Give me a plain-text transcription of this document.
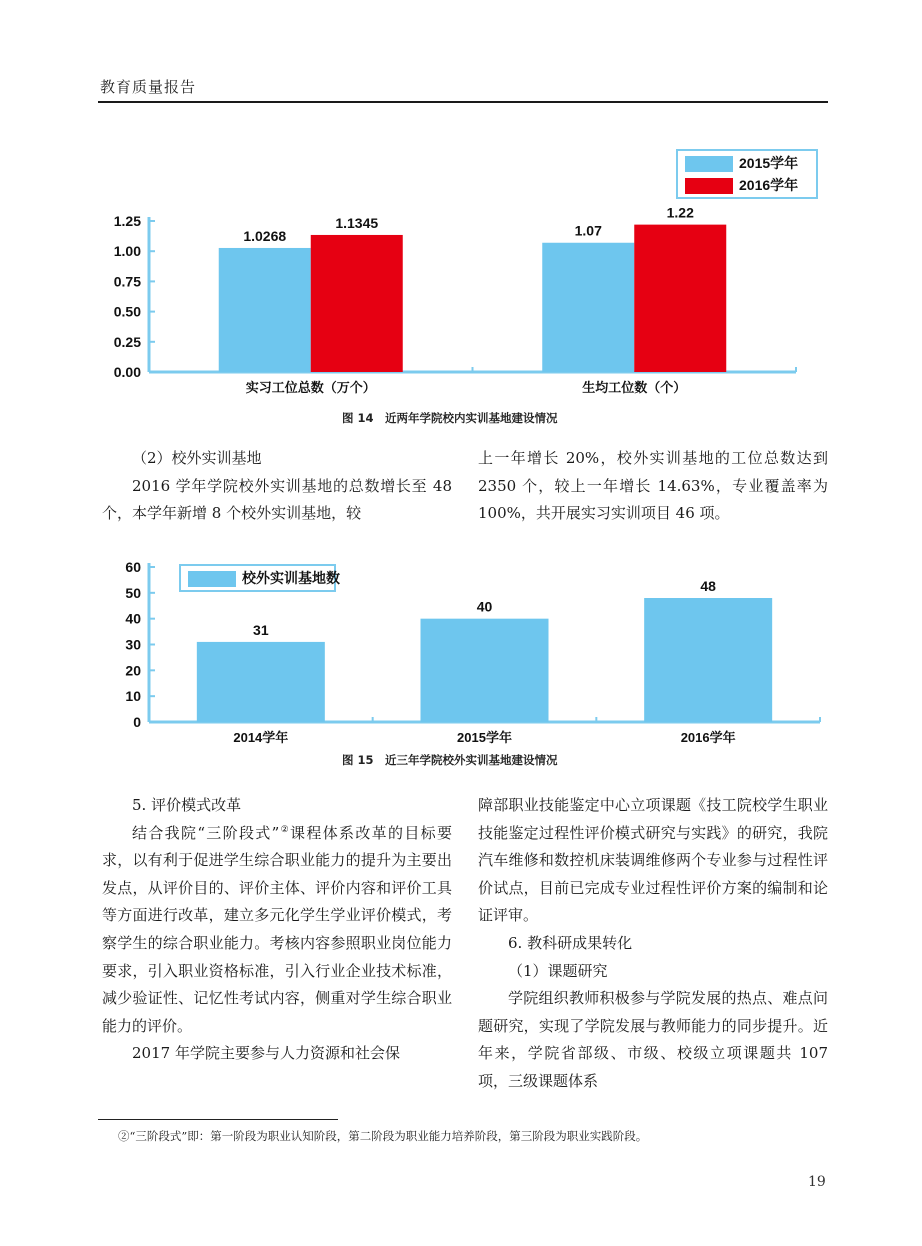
教育质量报告
0.00
0.25
0.50
0.75
1.00
1.25
1.0268
1.1345
实习工位总数（万个）
1.07
1.22
生均工位数（个）
2015学年
2016学年
图 14　近两年学院校内实训基地建设情况

（2）校外实训基地

2016 学年学院校外实训基地的总数增长至 48 个，本学年新增 8 个校外实训基地，较

上一年增长 20%，校外实训基地的工位总数达到 2350 个，较上一年增长 14.63%，专业覆盖率为 100%，共开展实习实训项目 46 项。

0
10
20
30
40
50
60
31
2014学年
40
2015学年
48
2016学年
校外实训基地数
图 15　近三年学院校外实训基地建设情况

5. 评价模式改革

结合我院“三阶段式”②课程体系改革的目标要求，以有利于促进学生综合职业能力的提升为主要出发点，从评价目的、评价主体、评价内容和评价工具等方面进行改革，建立多元化学生学业评价模式，考察学生的综合职业能力。考核内容参照职业岗位能力要求，引入职业资格标准，引入行业企业技术标准，减少验证性、记忆性考试内容，侧重对学生综合职业能力的评价。

2017 年学院主要参与人力资源和社会保

障部职业技能鉴定中心立项课题《技工院校学生职业技能鉴定过程性评价模式研究与实践》的研究，我院汽车维修和数控机床装调维修两个专业参与过程性评价试点，目前已完成专业过程性评价方案的编制和论证评审。

6. 教科研成果转化

（1）课题研究

学院组织教师积极参与学院发展的热点、难点问题研究，实现了学院发展与教师能力的同步提升。近年来，学院省部级、市级、校级立项课题共 107 项，三级课题体系

②“三阶段式”即：第一阶段为职业认知阶段，第二阶段为职业能力培养阶段，第三阶段为职业实践阶段。
19
